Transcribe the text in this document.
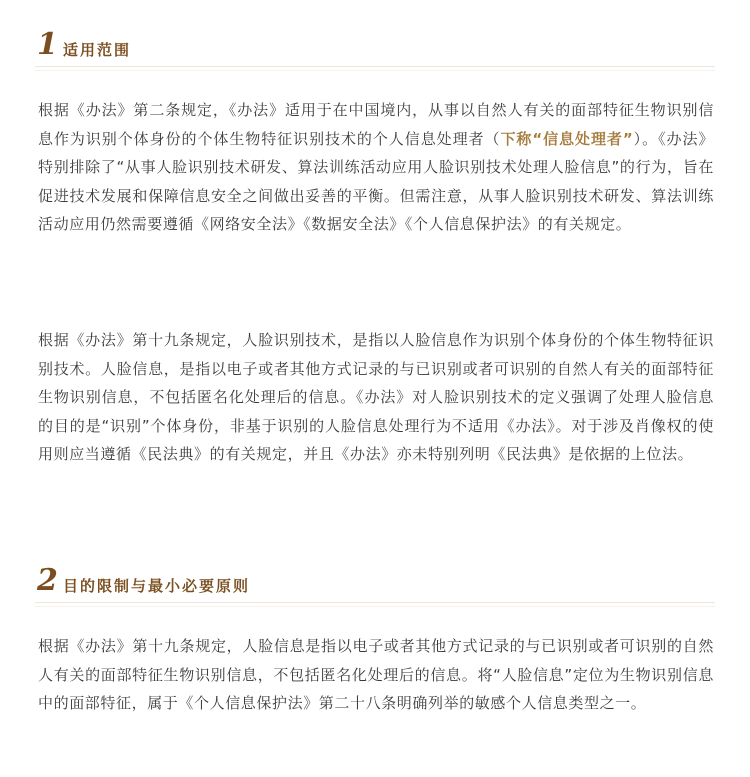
1 适用范围

根据《办法》第二条规定，《办法》适用于在中国境内，从事以自然人有关的面部特征生物识别信息作为识别个体身份的个体生物特征识别技术的个人信息处理者（下称“信息处理者”）。《办法》特别排除了“从事人脸识别技术研发、算法训练活动应用人脸识别技术处理人脸信息”的行为，旨在促进技术发展和保障信息安全之间做出妥善的平衡。但需注意，从事人脸识别技术研发、算法训练活动应用仍然需要遵循《网络安全法》《数据安全法》《个人信息保护法》的有关规定。

根据《办法》第十九条规定，人脸识别技术，是指以人脸信息作为识别个体身份的个体生物特征识别技术。人脸信息，是指以电子或者其他方式记录的与已识别或者可识别的自然人有关的面部特征生物识别信息，不包括匿名化处理后的信息。《办法》对人脸识别技术的定义强调了处理人脸信息的目的是“识别”个体身份，非基于识别的人脸信息处理行为不适用《办法》。对于涉及肖像权的使用则应当遵循《民法典》的有关规定，并且《办法》亦未特别列明《民法典》是依据的上位法。

2 目的限制与最小必要原则

根据《办法》第十九条规定，人脸信息是指以电子或者其他方式记录的与已识别或者可识别的自然人有关的面部特征生物识别信息，不包括匿名化处理后的信息。将“人脸信息”定位为生物识别信息中的面部特征，属于《个人信息保护法》第二十八条明确列举的敏感个人信息类型之一。
